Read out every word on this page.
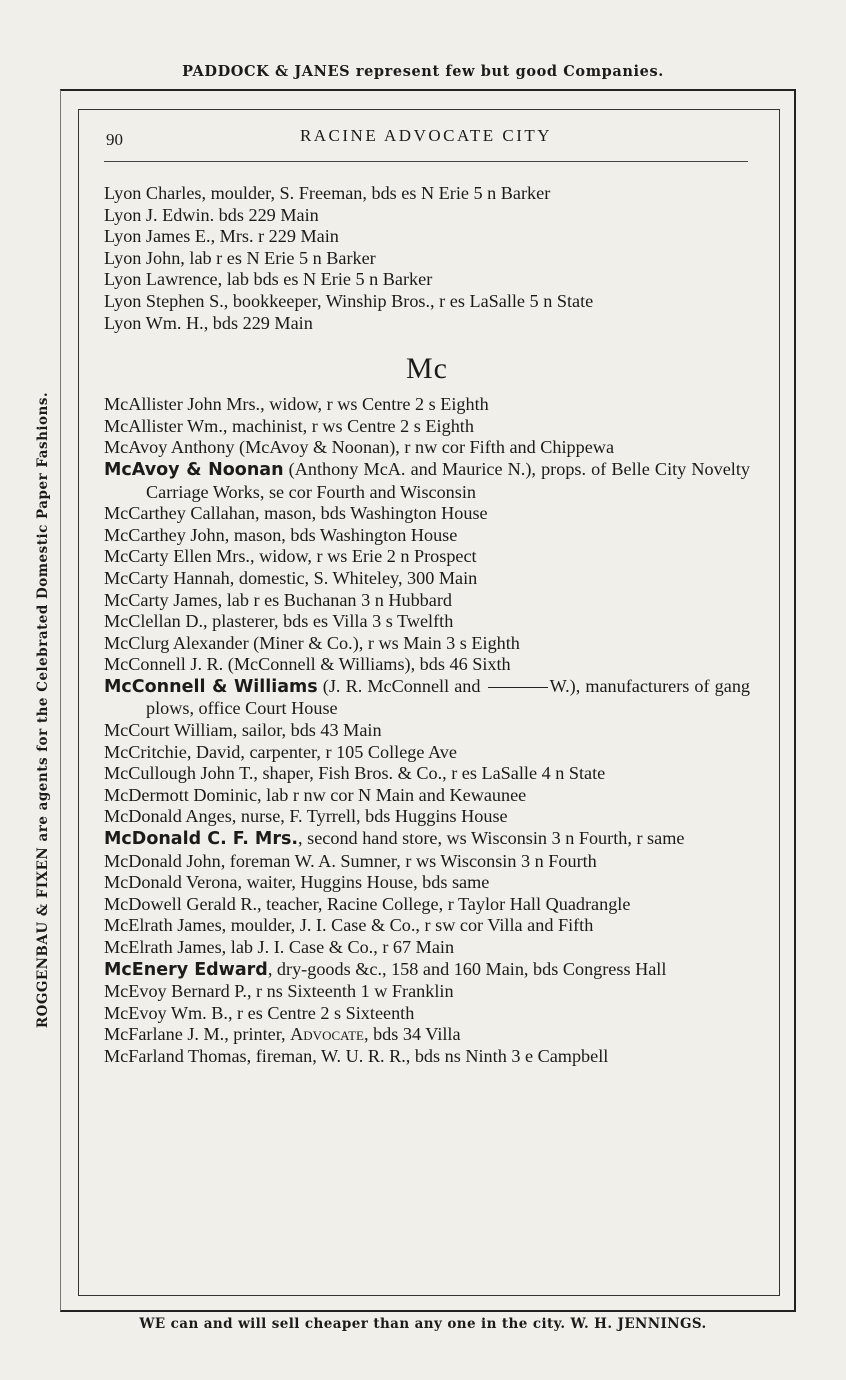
PADDOCK & JANES represent few but good Companies.
ROGGENBAU & FIXEN are agents for the Celebrated Domestic Paper Fashions.
WE can and will sell cheaper than any one in the city. W. H. JENNINGS.
90	RACINE ADVOCATE CITY
Lyon Charles, moulder, S. Freeman, bds es N Erie 5 n Barker
Lyon J. Edwin. bds 229 Main
Lyon James E., Mrs. r 229 Main
Lyon John, lab r es N Erie 5 n Barker
Lyon Lawrence, lab bds es N Erie 5 n Barker
Lyon Stephen S., bookkeeper, Winship Bros., r es LaSalle 5 n State
Lyon Wm. H., bds 229 Main
Mc
McAllister John Mrs., widow, r ws Centre 2 s Eighth
McAllister Wm., machinist, r ws Centre 2 s Eighth
McAvoy Anthony (McAvoy & Noonan), r nw cor Fifth and Chippewa
McAvoy & Noonan (Anthony McA. and Maurice N.), props. of Belle City Novelty Carriage Works, se cor Fourth and Wisconsin
McCarthey Callahan, mason, bds Washington House
McCarthey John, mason, bds Washington House
McCarty Ellen Mrs., widow, r ws Erie 2 n Prospect
McCarty Hannah, domestic, S. Whiteley, 300 Main
McCarty James, lab r es Buchanan 3 n Hubbard
McClellan D., plasterer, bds es Villa 3 s Twelfth
McClurg Alexander (Miner & Co.), r ws Main 3 s Eighth
McConnell J. R. (McConnell & Williams), bds 46 Sixth
McConnell & Williams (J. R. McConnell and	W.), manufacturers of gang plows, office Court House
McCourt William, sailor, bds 43 Main
McCritchie, David, carpenter, r 105 College Ave
McCullough John T., shaper, Fish Bros. & Co., r es LaSalle 4 n State
McDermott Dominic, lab r nw cor N Main and Kewaunee
McDonald Anges, nurse, F. Tyrrell, bds Huggins House
McDonald C. F. Mrs., second hand store, ws Wisconsin 3 n Fourth, r same
McDonald John, foreman W. A. Sumner, r ws Wisconsin 3 n Fourth
McDonald Verona, waiter, Huggins House, bds same
McDowell Gerald R., teacher, Racine College, r Taylor Hall Quadrangle
McElrath James, moulder, J. I. Case & Co., r sw cor Villa and Fifth
McElrath James, lab J. I. Case & Co., r 67 Main
McEnery Edward, dry-goods &c., 158 and 160 Main, bds Congress Hall
McEvoy Bernard P., r ns Sixteenth 1 w Franklin
McEvoy Wm. B., r es Centre 2 s Sixteenth
McFarlane J. M., printer, Advocate, bds 34 Villa
McFarland Thomas, fireman, W. U. R. R., bds ns Ninth 3 e Campbell
